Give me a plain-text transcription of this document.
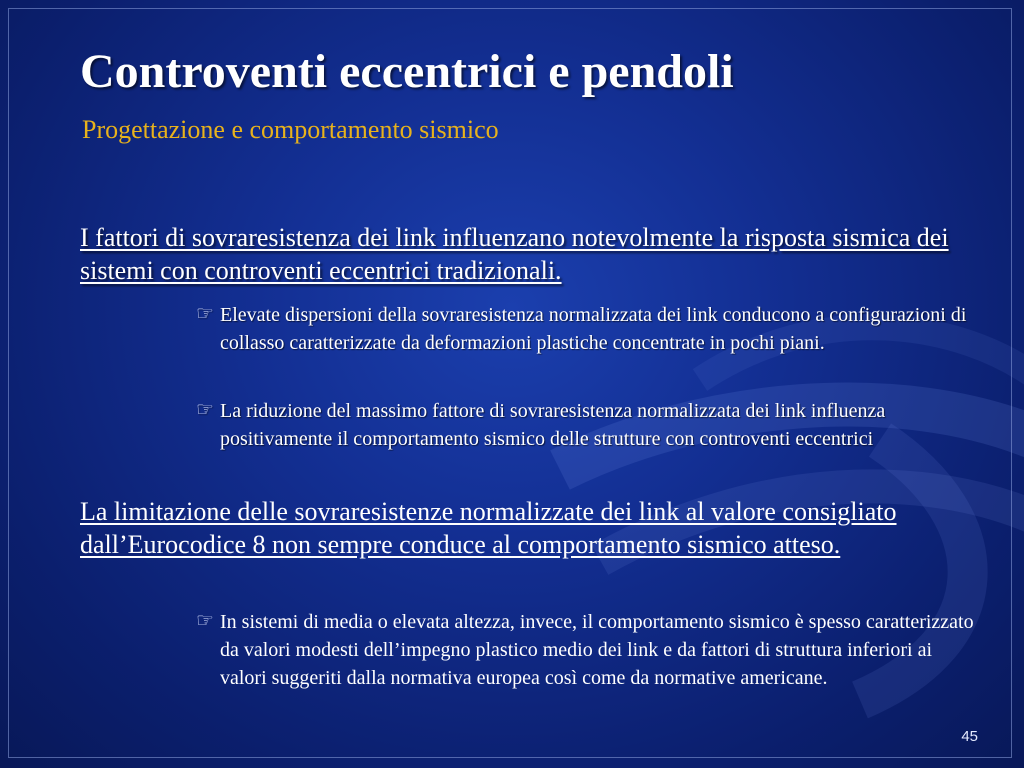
Controventi eccentrici e pendoli
Progettazione e comportamento sismico
I fattori di sovraresistenza dei link influenzano notevolmente la risposta sismica dei sistemi con controventi eccentrici tradizionali.
☞ Elevate dispersioni della sovraresistenza normalizzata dei link conducono a configurazioni di collasso caratterizzate da deformazioni plastiche concentrate in pochi piani.
☞ La riduzione del massimo fattore di sovraresistenza normalizzata dei link influenza positivamente il comportamento sismico delle strutture con controventi eccentrici
La limitazione delle sovraresistenze normalizzate dei link al valore consigliato dall’Eurocodice 8 non sempre conduce al comportamento sismico atteso.
☞ In sistemi di media o elevata altezza, invece, il comportamento sismico è spesso caratterizzato da valori modesti dell’impegno plastico medio dei link e da fattori di struttura inferiori ai valori suggeriti dalla normativa europea così come da normative americane.
45
